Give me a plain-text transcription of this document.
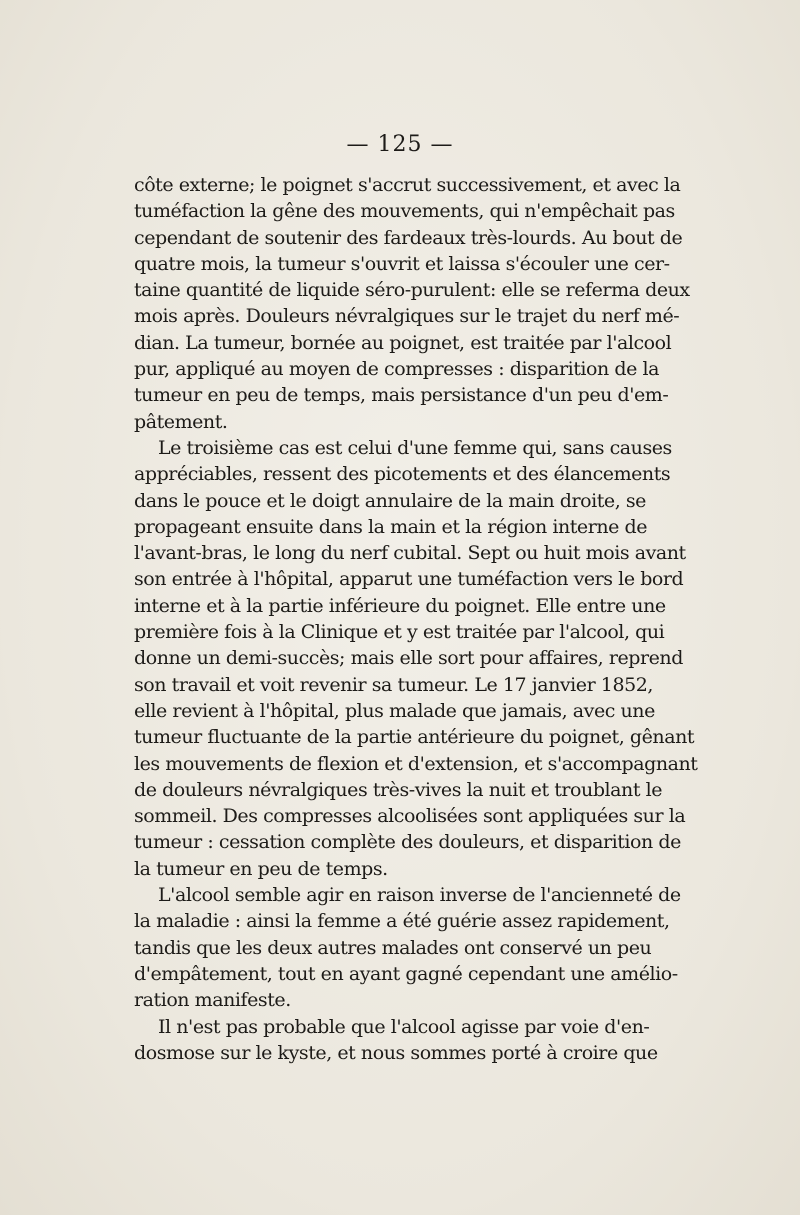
— 125 —
côte externe; le poignet s'accrut successivement, et avec la
tuméfaction la gêne des mouvements, qui n'empêchait pas
cependant de soutenir des fardeaux très-lourds. Au bout de
quatre mois, la tumeur s'ouvrit et laissa s'écouler une cer-
taine quantité de liquide séro-purulent: elle se referma deux
mois après. Douleurs névralgiques sur le trajet du nerf mé-
dian. La tumeur, bornée au poignet, est traitée par l'alcool
pur, appliqué au moyen de compresses : disparition de la
tumeur en peu de temps, mais persistance d'un peu d'em-
pâtement.
Le troisième cas est celui d'une femme qui, sans causes
appréciables, ressent des picotements et des élancements
dans le pouce et le doigt annulaire de la main droite, se
propageant ensuite dans la main et la région interne de
l'avant-bras, le long du nerf cubital. Sept ou huit mois avant
son entrée à l'hôpital, apparut une tuméfaction vers le bord
interne et à la partie inférieure du poignet. Elle entre une
première fois à la Clinique et y est traitée par l'alcool, qui
donne un demi-succès; mais elle sort pour affaires, reprend
son travail et voit revenir sa tumeur. Le 17 janvier 1852,
elle revient à l'hôpital, plus malade que jamais, avec une
tumeur fluctuante de la partie antérieure du poignet, gênant
les mouvements de flexion et d'extension, et s'accompagnant
de douleurs névralgiques très-vives la nuit et troublant le
sommeil. Des compresses alcoolisées sont appliquées sur la
tumeur : cessation complète des douleurs, et disparition de
la tumeur en peu de temps.
L'alcool semble agir en raison inverse de l'ancienneté de
la maladie : ainsi la femme a été guérie assez rapidement,
tandis que les deux autres malades ont conservé un peu
d'empâtement, tout en ayant gagné cependant une amélio-
ration manifeste.
Il n'est pas probable que l'alcool agisse par voie d'en-
dosmose sur le kyste, et nous sommes porté à croire que
